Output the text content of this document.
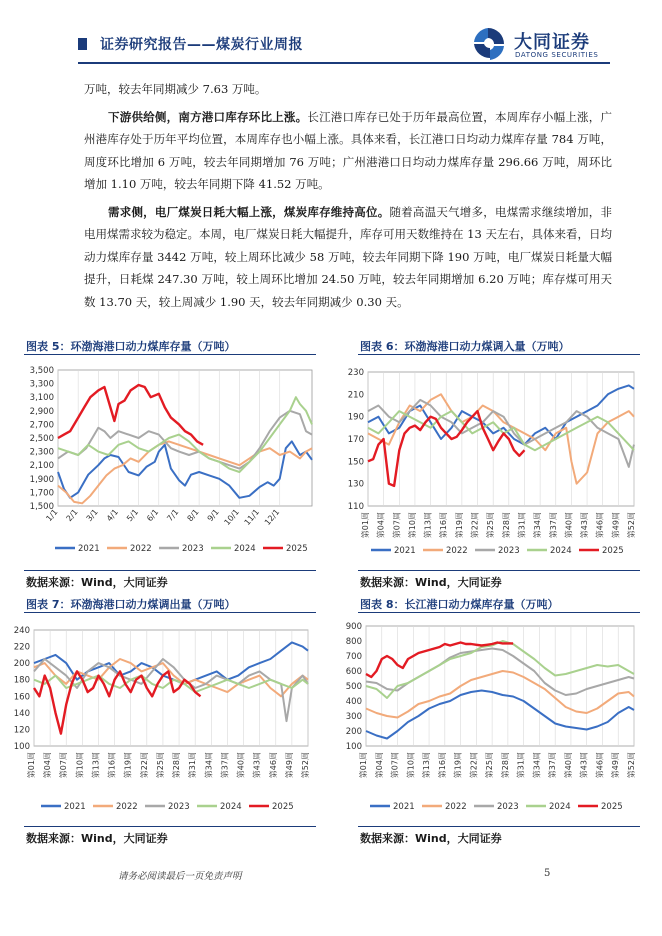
证券研究报告——煤炭行业周报	大同证券
DATONG SECURITIES

万吨，较去年同期减少 7.63 万吨。

下游供给侧，南方港口库存环比上涨。长江港口库存已处于历年最高位置，本周库存小幅上涨，广州港库存处于历年平均位置，本周库存也小幅上涨。具体来看，长江港口日均动力煤库存量 784 万吨，周度环比增加 6 万吨，较去年同期增加 76 万吨；广州港港口日均动力煤库存量 296.66 万吨，周环比增加 1.10 万吨，较去年同期下降 41.52 万吨。

需求侧，电厂煤炭日耗大幅上涨，煤炭库存维持高位。随着高温天气增多，电煤需求继续增加，非电用煤需求较为稳定。本周，电厂煤炭日耗大幅提升，库存可用天数维持在 13 天左右，具体来看，日均动力煤库存量 3442 万吨，较上周环比减少 58 万吨，较去年同期下降 190 万吨，电厂煤炭日耗量大幅提升，日耗煤 247.30 万吨，较上周环比增加 24.50 万吨，较去年同期增加 6.20 万吨；库存煤可用天数 13.70 天，较上周减少 1.90 天，较去年同期减少 0.30 天。

图表 5：环渤海港口动力煤库存量（万吨）
3,500
3,300
3,100
2,900
2,700
2,500
2,300
2,100
1,900
1,700
1,500
1/1 2/1 3/1 4/1 5/1 6/1 7/1 8/1 9/1 10/1 11/1 12/1
2021	2022	2023	2024	2025
数据来源：Wind，大同证券
图表 6：环渤海港口动力煤调入量（万吨）
230
210
190
170
150
130
110
第01周 第04周 第07周 第10周 第13周 第16周 第19周 第22周 第25周 第28周 第31周 第34周 第37周 第40周 第43周 第46周 第49周 第52周
2021	2022	2023	2024	2025
数据来源：Wind，大同证券
图表 7：环渤海港口动力煤调出量（万吨）
240
220
200
180
160
140
120
100
第01周 第04周 第07周 第10周 第13周 第16周 第19周 第22周 第25周 第28周 第31周 第34周 第37周 第40周 第43周 第46周 第49周 第52周
2021	2022	2023	2024	2025
数据来源：Wind，大同证券
图表 8：长江港口动力煤库存量（万吨）
900
800
700
600
500
400
300
200
100
第01周 第04周 第07周 第10周 第13周 第16周 第19周 第22周 第25周 第28周 第31周 第34周 第37周 第40周 第43周 第46周 第49周 第52周
2021	2022	2023	2024	2025
数据来源：Wind，大同证券
请务必阅读最后一页免责声明	5
